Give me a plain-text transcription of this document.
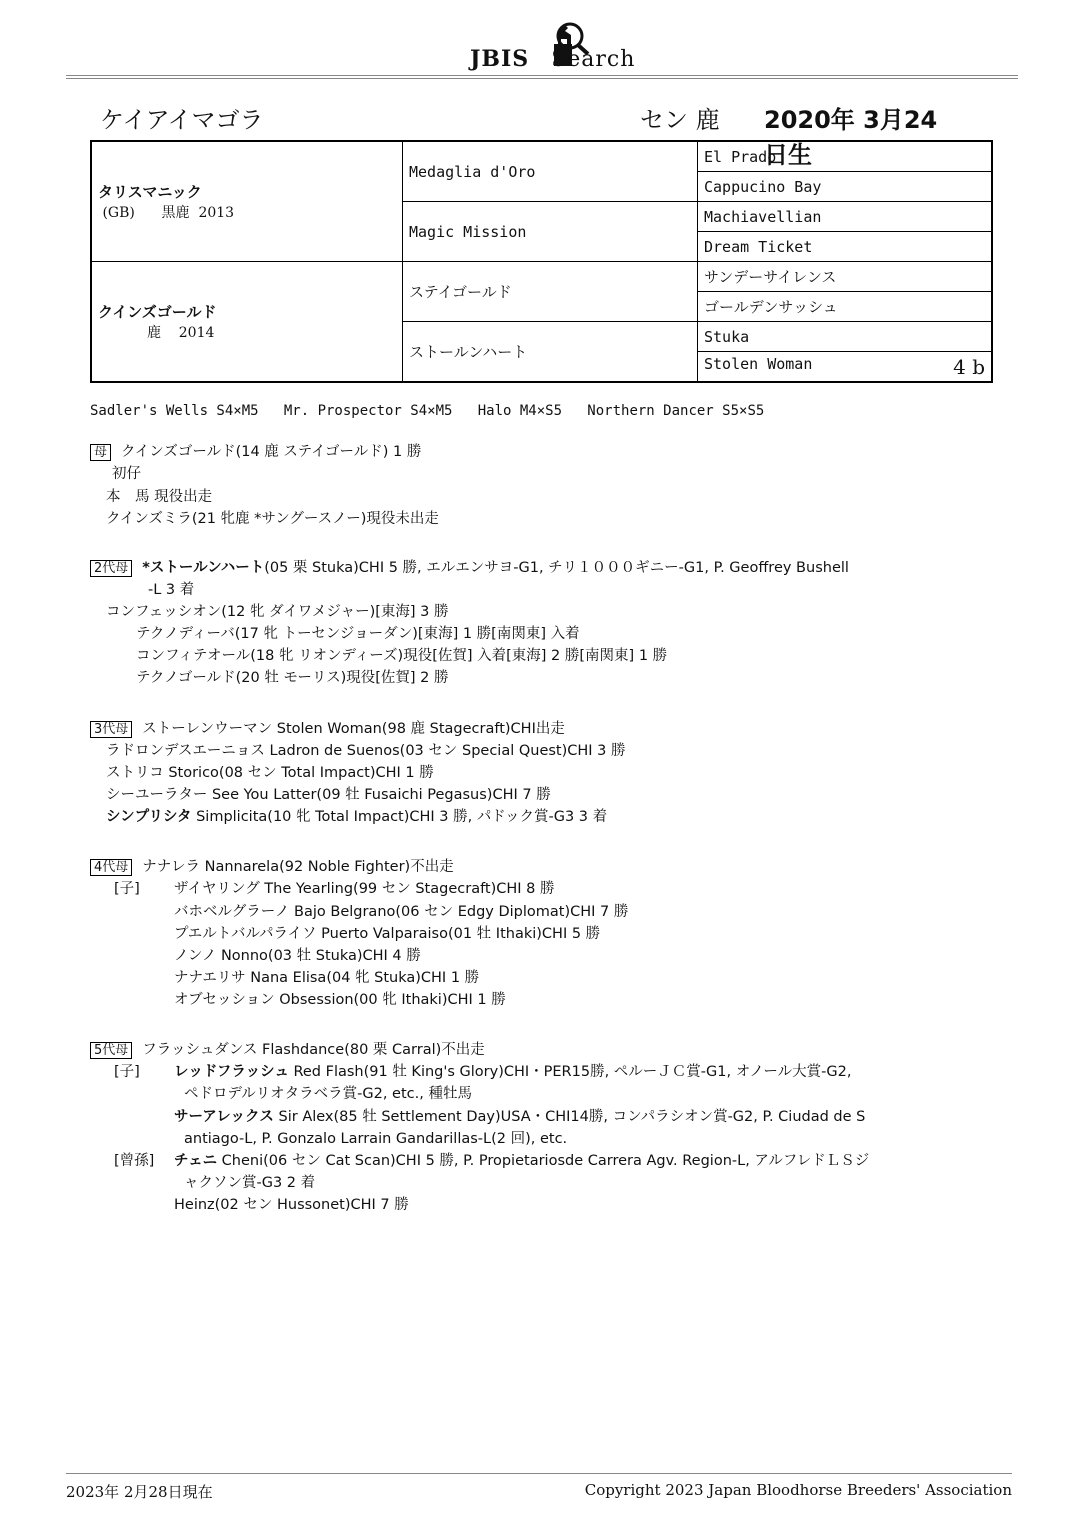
JBIS Search
ケイアイマゴラ	セン 鹿 2020年 3月24日生
タリスマニック
(GB)      黒鹿  2013	Medaglia d'Oro	El Prado
		Cappucino Bay
	Magic Mission	Machiavellian
		Dream Ticket

クインズゴールド
鹿    2014	ステイゴールド	サンデーサイレンス
		ゴールデンサッシュ
	ストールンハート	Stuka
		Stolen Woman 4 b
Sadler's Wells S4×M5   Mr. Prospector S4×M5   Halo M4×S5   Northern Dancer S5×S5
母 クインズゴールド(14 鹿 ステイゴールド) 1 勝
初仔
本　馬 現役出走
クインズミラ(21 牝鹿 *サングースノー)現役未出走
2代母 *ストールンハート(05 栗 Stuka)CHI 5 勝, エルエンサヨ-G1, チリ１０００ギニー-G1, P. Geoffrey Bushell
-L 3 着
コンフェッシオン(12 牝 ダイワメジャー)[東海] 3 勝
テクノディーバ(17 牝 トーセンジョーダン)[東海] 1 勝[南関東] 入着
コンフィテオール(18 牝 リオンディーズ)現役[佐賀] 入着[東海] 2 勝[南関東] 1 勝
テクノゴールド(20 牡 モーリス)現役[佐賀] 2 勝
3代母 ストーレンウーマン Stolen Woman(98 鹿 Stagecraft)CHI出走
ラドロンデスエーニョス Ladron de Suenos(03 セン Special Quest)CHI 3 勝
ストリコ Storico(08 セン Total Impact)CHI 1 勝
シーユーラター See You Latter(09 牡 Fusaichi Pegasus)CHI 7 勝
シンプリシタ Simplicita(10 牝 Total Impact)CHI 3 勝, パドック賞-G3 3 着
4代母 ナナレラ Nannarela(92 Noble Fighter)不出走
[子] ザイヤリング The Yearling(99 セン Stagecraft)CHI 8 勝
バホベルグラーノ Bajo Belgrano(06 セン Edgy Diplomat)CHI 7 勝
プエルトバルパライソ Puerto Valparaiso(01 牡 Ithaki)CHI 5 勝
ノンノ Nonno(03 牡 Stuka)CHI 4 勝
ナナエリサ Nana Elisa(04 牝 Stuka)CHI 1 勝
オブセッション Obsession(00 牝 Ithaki)CHI 1 勝
5代母 フラッシュダンス Flashdance(80 栗 Carral)不出走
[子] レッドフラッシュ Red Flash(91 牡 King's Glory)CHI・PER15勝, ペルーＪＣ賞-G1, オノール大賞-G2,
ペドロデルリオタラベラ賞-G2, etc., 種牡馬
サーアレックス Sir Alex(85 牡 Settlement Day)USA・CHI14勝, コンパラシオン賞-G2, P. Ciudad de S
antiago-L, P. Gonzalo Larrain Gandarillas-L(2 回), etc.
[曾孫] チェニ Cheni(06 セン Cat Scan)CHI 5 勝, P. Propietariosde Carrera Agv. Region-L, アルフレドＬＳジ
ャクソン賞-G3 2 着
Heinz(02 セン Hussonet)CHI 7 勝
2023年 2月28日現在	Copyright 2023 Japan Bloodhorse Breeders' Association
